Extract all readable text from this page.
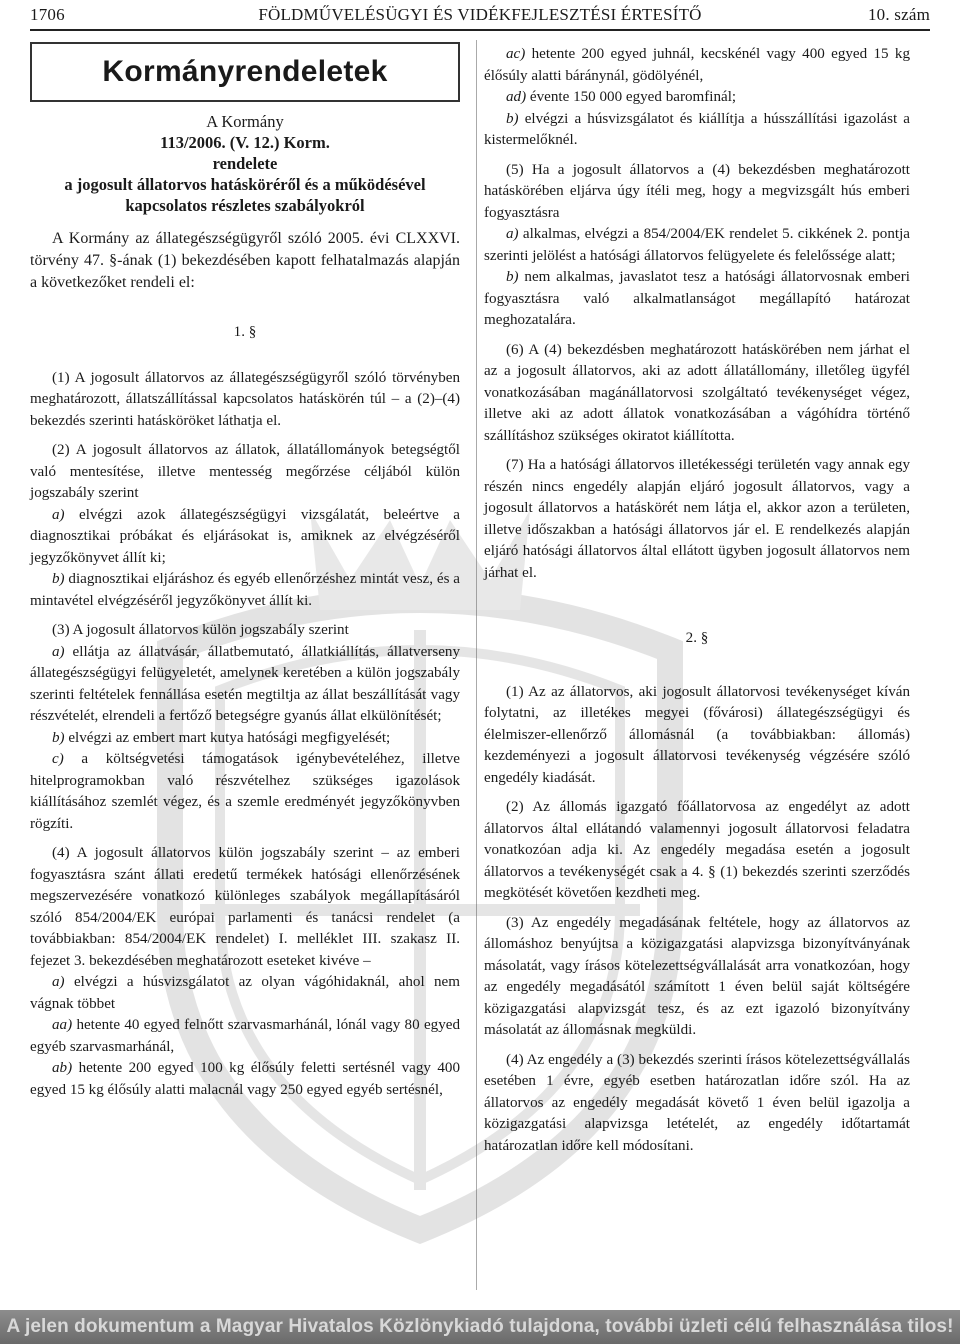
1706	FÖLDMŰVELÉSÜGYI ÉS VIDÉKFEJLESZTÉSI ÉRTESÍTŐ	10. szám
Kormányrendeletek
A Kormány
113/2006. (V. 12.) Korm.
rendelete
a jogosult állatorvos hatásköréről és a működésével
kapcsolatos részletes szabályokról

A Kormány az állategészségügyről szóló 2005. évi CLXXVI. törvény 47. §-ának (1) bekezdésében kapott felhatalmazás alapján a következőket rendeli el:

1. §

(1) A jogosult állatorvos az állategészségügyről szóló törvényben meghatározott, állatszállítással kapcsolatos hatáskörén túl – a (2)–(4) bekezdés szerinti hatásköröket láthatja el.

(2) A jogosult állatorvos az állatok, állatállományok betegségtől való mentesítése, illetve mentesség megőrzése céljából külön jogszabály szerint

a) elvégzi azok állategészségügyi vizsgálatát, beleértve a diagnosztikai próbákat és eljárásokat is, amiknek az elvégzéséről jegyzőkönyvet állít ki;

b) diagnosztikai eljáráshoz és egyéb ellenőrzéshez mintát vesz, és a mintavétel elvégzéséről jegyzőkönyvet állít ki.

(3) A jogosult állatorvos külön jogszabály szerint

a) ellátja az állatvásár, állatbemutató, állatkiállítás, állatverseny állategészségügyi felügyeletét, amelynek keretében a külön jogszabály szerinti feltételek fennállása esetén megtiltja az állat beszállítását vagy részvételét, elrendeli a fertőző betegségre gyanús állat elkülönítését;

b) elvégzi az embert mart kutya hatósági megfigyelését;

c) a költségvetési támogatások igénybevételéhez, illetve hitelprogramokban való részvételhez szükséges igazolások kiállításához szemlét végez, és a szemle eredményét jegyzőkönyvben rögzíti.

(4) A jogosult állatorvos külön jogszabály szerint – az emberi fogyasztásra szánt állati eredetű termékek hatósági ellenőrzésének megszervezésére vonatkozó különleges szabályok megállapításáról szóló 854/2004/EK európai parlamenti és tanácsi rendelet (a továbbiakban: 854/2004/EK rendelet) I. melléklet III. szakasz II. fejezet 3. bekezdésében meghatározott eseteket kivéve –

a) elvégzi a húsvizsgálatot az olyan vágóhidaknál, ahol nem vágnak többet

aa) hetente 40 egyed felnőtt szarvasmarhánál, lónál vagy 80 egyed egyéb szarvasmarhánál,

ab) hetente 200 egyed 100 kg élősúly feletti sertésnél vagy 400 egyed 15 kg élősúly alatti malacnál vagy 250 egyed egyéb sertésnél,

ac) hetente 200 egyed juhnál, kecskénél vagy 400 egyed 15 kg élősúly alatti báránynál, gödölyénél,

ad) évente 150 000 egyed baromfinál;

b) elvégzi a húsvizsgálatot és kiállítja a hússzállítási igazolást a kistermelőknél.

(5) Ha a jogosult állatorvos a (4) bekezdésben meghatározott hatáskörében eljárva úgy ítéli meg, hogy a megvizsgált hús emberi fogyasztásra

a) alkalmas, elvégzi a 854/2004/EK rendelet 5. cikkének 2. pontja szerinti jelölést a hatósági állatorvos felügyelete és felelőssége alatt;

b) nem alkalmas, javaslatot tesz a hatósági állatorvosnak emberi fogyasztásra való alkalmatlanságot megállapító határozat meghozatalára.

(6) A (4) bekezdésben meghatározott hatáskörében nem járhat el az a jogosult állatorvos, aki az adott állatállomány, illetőleg ügyfél vonatkozásában magánállatorvosi szolgáltató tevékenységet végez, illetve aki az adott állatok vonatkozásában a vágóhídra történő szállításhoz szükséges okiratot kiállította.

(7) Ha a hatósági állatorvos illetékességi területén vagy annak egy részén nincs engedély alapján eljáró jogosult állatorvos, vagy a jogosult állatorvos a hatáskörét nem látja el, akkor azon a területen, illetve időszakban a hatósági állatorvos jár el. E rendelkezés alapján eljáró hatósági állatorvos által ellátott ügyben jogosult állatorvos nem járhat el.

2. §

(1) Az az állatorvos, aki jogosult állatorvosi tevékenységet kíván folytatni, az illetékes megyei (fővárosi) állategészségügyi és élelmiszer-ellenőrző állomásnál (a továbbiakban: állomás) kezdeményezi a jogosult állatorvosi tevékenység végzésére szóló engedély kiadását.

(2) Az állomás igazgató főállatorvosa az engedélyt az adott állatorvos által ellátandó valamennyi jogosult állatorvosi feladatra vonatkozóan adja ki. Az engedély megadása esetén a jogosult állatorvos a tevékenységét csak a 4. § (1) bekezdés szerinti szerződés megkötését követően kezdheti meg.

(3) Az engedély megadásának feltétele, hogy az állatorvos az állomáshoz benyújtsa a közigazgatási alapvizsga bizonyítványának másolatát, vagy írásos kötelezettségvállalását arra vonatkozóan, hogy az engedély megadásától számított 1 éven belül saját költségére közigazgatási alapvizsgát tesz, és az ezt igazoló bizonyítvány másolatát az állomásnak megküldi.

(4) Az engedély a (3) bekezdés szerinti írásos kötelezettségvállalás esetében 1 évre, egyéb esetben határozatlan időre szól. Ha az állatorvos az engedély megadását követő 1 éven belül igazolja a közigazgatási alapvizsga letételét, az engedély időtartamát határozatlan időre kell módosítani.

A jelen dokumentum a Magyar Hivatalos Közlönykiadó tulajdona, további üzleti célú felhasználása tilos!
